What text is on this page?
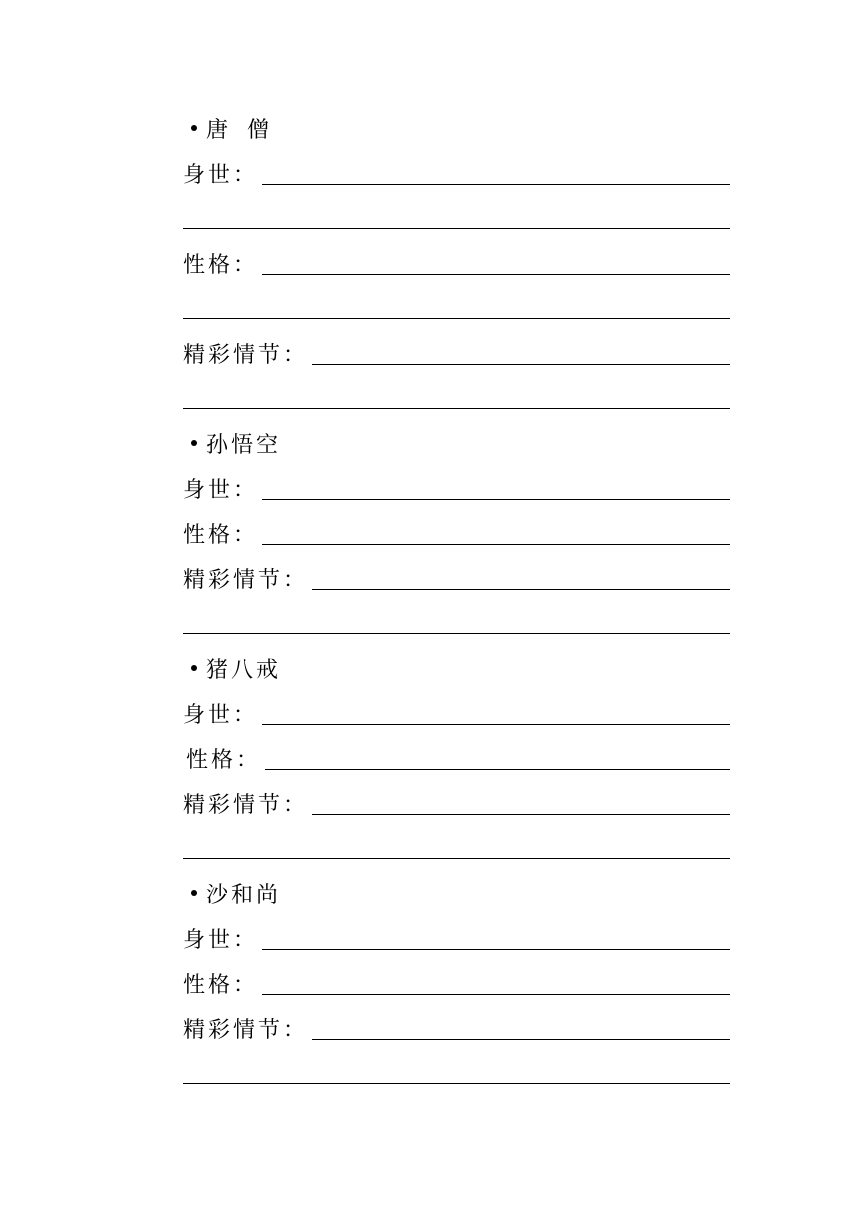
唐 僧
身世：
性格：
精彩情节：
孙悟空
身世：
性格：
精彩情节：
猪八戒
身世：
性格：
精彩情节：
沙和尚
身世：
性格：
精彩情节：
